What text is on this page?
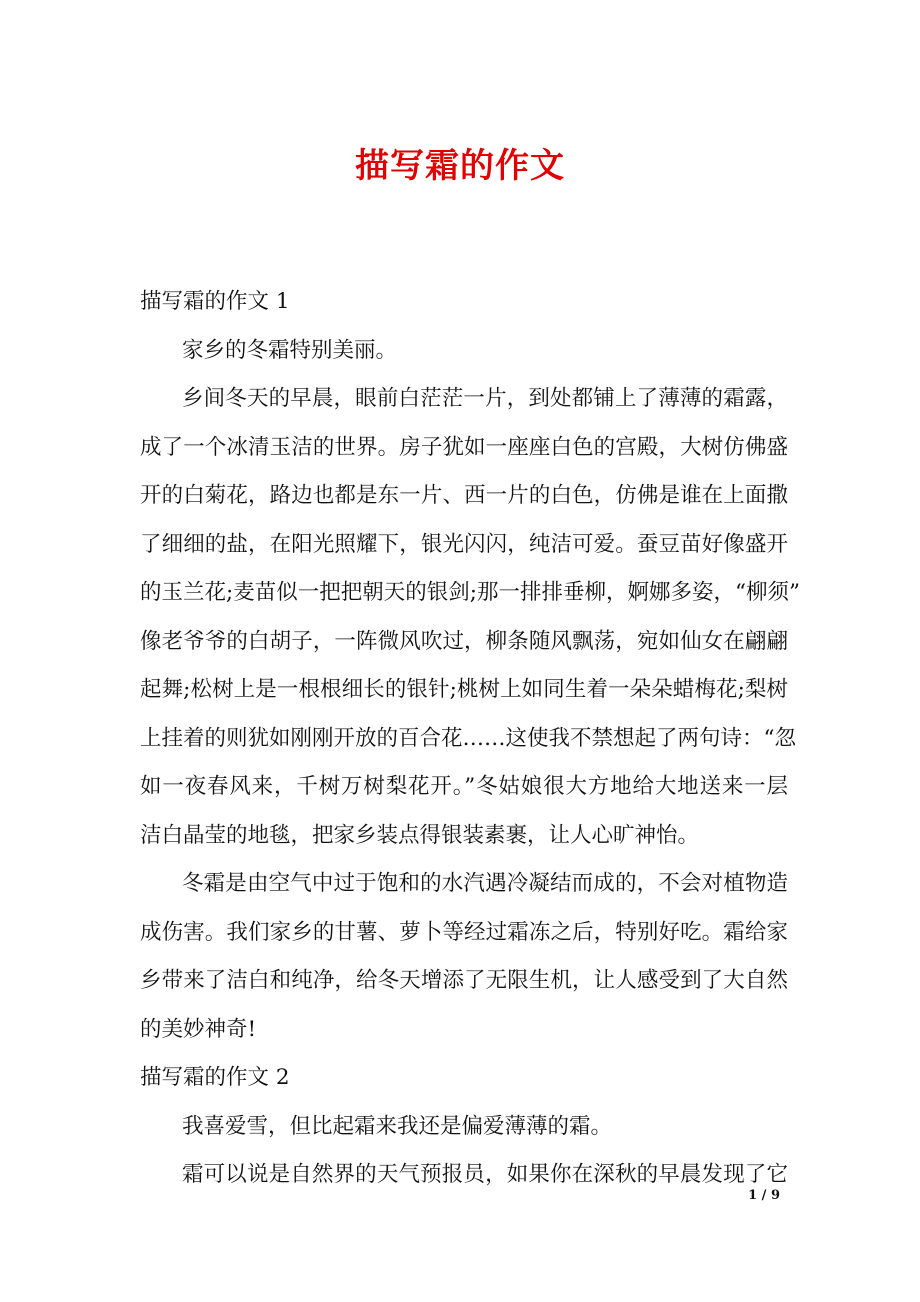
描写霜的作文
描写霜的作文 1
家乡的冬霜特别美丽。
乡间冬天的早晨，眼前白茫茫一片，到处都铺上了薄薄的霜露，
成了一个冰清玉洁的世界。房子犹如一座座白色的宫殿，大树仿佛盛
开的白菊花，路边也都是东一片、西一片的白色，仿佛是谁在上面撒
了细细的盐，在阳光照耀下，银光闪闪，纯洁可爱。蚕豆苗好像盛开
的玉兰花;麦苗似一把把朝天的银剑;那一排排垂柳，婀娜多姿，“柳须”
像老爷爷的白胡子，一阵微风吹过，柳条随风飘荡，宛如仙女在翩翩
起舞;松树上是一根根细长的银针;桃树上如同生着一朵朵蜡梅花;梨树
上挂着的则犹如刚刚开放的百合花……这使我不禁想起了两句诗：“忽
如一夜春风来，千树万树梨花开。”冬姑娘很大方地给大地送来一层
洁白晶莹的地毯，把家乡装点得银装素裹，让人心旷神怡。
冬霜是由空气中过于饱和的水汽遇冷凝结而成的，不会对植物造
成伤害。我们家乡的甘薯、萝卜等经过霜冻之后，特别好吃。霜给家
乡带来了洁白和纯净，给冬天增添了无限生机，让人感受到了大自然
的美妙神奇!
描写霜的作文 2
我喜爱雪，但比起霜来我还是偏爱薄薄的霜。
霜可以说是自然界的天气预报员，如果你在深秋的早晨发现了它
1 / 9
